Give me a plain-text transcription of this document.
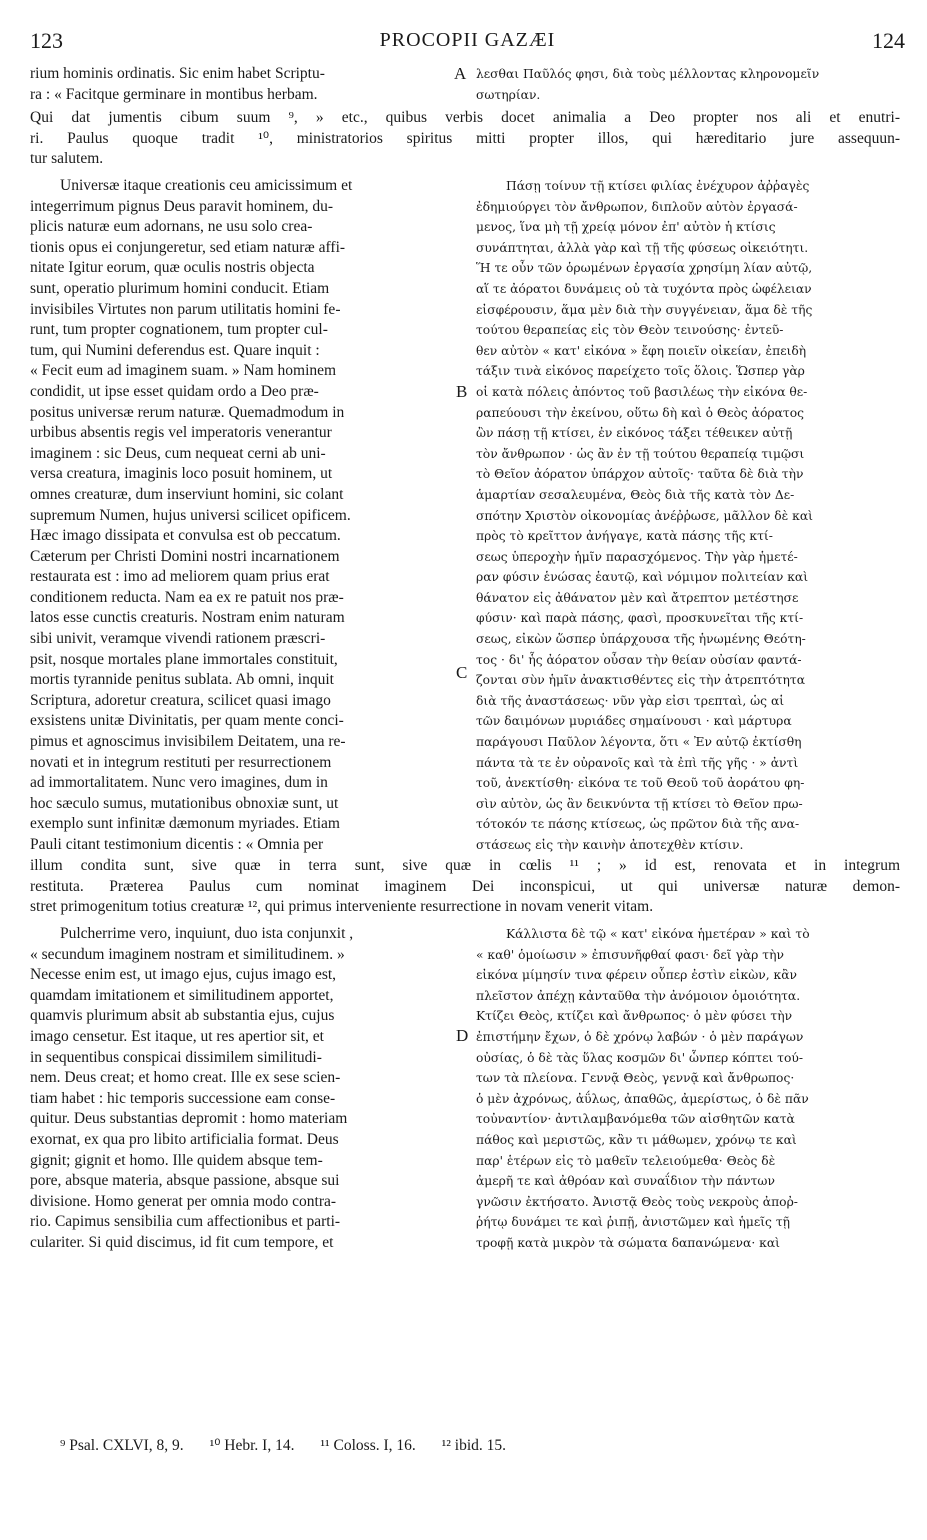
123	PROCOPII GAZÆI	124
rium hominis ordinatis. Sic enim habet Scriptu-
ra : « Facitque germinare in montibus herbam.
λεσθαι Παῦλός φησι, διὰ τοὺς μέλλοντας κληρονομεῖν
σωτηρίαν.
Qui dat jumentis cibum suum ⁹, » etc., quibus verbis docet animalia a Deo propter nos ali et enutri-
ri. Paulus quoque tradit ¹⁰, ministratorios spiritus mitti propter illos, qui hæreditario jure assequun-
tur salutem.
Universæ itaque creationis ceu amicissimum et
integerrimum pignus Deus paravit hominem, du-
plicis naturæ eum adornans, ne usu solo crea-
tionis opus ei conjungeretur, sed etiam naturæ affi-
nitate Igitur eorum, quæ oculis nostris objecta
sunt, operatio plurimum homini conducit. Etiam
invisibiles Virtutes non parum utilitatis homini fe-
runt, tum propter cognationem, tum propter cul-
tum, qui Numini deferendus est. Quare inquit :
« Fecit eum ad imaginem suam. » Nam hominem
condidit, ut ipse esset quidam ordo a Deo præ-
positus universæ rerum naturæ. Quemadmodum in
urbibus absentis regis vel imperatoris venerantur
imaginem : sic Deus, cum nequeat cerni ab uni-
versa creatura, imaginis loco posuit hominem, ut
omnes creaturæ, dum inserviunt homini, sic colant
supremum Numen, hujus universi scilicet opificem.
Hæc imago dissipata et convulsa est ob peccatum.
Cæterum per Christi Domini nostri incarnationem
restaurata est : imo ad meliorem quam prius erat
conditionem reducta. Nam ea ex re patuit nos præ-
latos esse cunctis creaturis. Nostram enim naturam
sibi univit, veramque vivendi rationem præscri-
psit, nosque mortales plane immortales constituit,
mortis tyrannide penitus sublata. Ab omni, inquit
Scriptura, adoretur creatura, scilicet quasi imago
exsistens unitæ Divinitatis, per quam mente conci-
pimus et agnoscimus invisibilem Deitatem, una re-
novati et in integrum restituti per resurrectionem
ad immortalitatem. Nunc vero imagines, dum in
hoc sæculo sumus, mutationibus obnoxiæ sunt, ut
exemplo sunt infinitæ dæmonum myriades. Etiam
Pauli citant testimonium dicentis : « Omnia per
Πάσῃ τοίνυν τῇ κτίσει φιλίας ἐνέχυρον ἀῤῥαγὲς
ἐδημιούργει τὸν ἄνθρωπον, διπλοῦν αὐτὸν ἐργασά-
μενος, ἵνα μὴ τῇ χρείᾳ μόνον ἐπ' αὐτὸν ἡ κτίσις
συνάπτηται, ἀλλὰ γὰρ καὶ τῇ τῆς φύσεως οἰκειότητι.
Ἥ τε οὖν τῶν ὁρωμένων ἐργασία χρησίμη λίαν αὐτῷ,
αἵ τε ἀόρατοι δυνάμεις οὐ τὰ τυχόντα πρὸς ὠφέλειαν
εἰσφέρουσιν, ἅμα μὲν διὰ τὴν συγγένειαν, ἅμα δὲ τῆς
τούτου θεραπείας εἰς τὸν Θεὸν τεινούσης· ἐντεῦ-
θεν αὐτὸν « κατ' εἰκόνα » ἔφη ποιεῖν οἰκείαν, ἐπειδὴ
τάξιν τινὰ εἰκόνος παρείχετο τοῖς ὅλοις. Ὥσπερ γὰρ
οἱ κατὰ πόλεις ἀπόντος τοῦ βασιλέως τὴν εἰκόνα θε-
ραπεύουσι τὴν ἐκείνου, οὕτω δὴ καὶ ὁ Θεὸς ἀόρατος
ὢν πάσῃ τῇ κτίσει, ἐν εἰκόνος τάξει τέθεικεν αὐτῇ
τὸν ἄνθρωπον · ὡς ἂν ἐν τῇ τούτου θεραπείᾳ τιμῷσι
τὸ Θεῖον ἀόρατον ὑπάρχον αὐτοῖς· ταῦτα δὲ διὰ τὴν
ἁμαρτίαν σεσαλευμένα, Θεὸς διὰ τῆς κατὰ τὸν Δε-
σπότην Χριστὸν οἰκονομίας ἀνέῤῥωσε, μᾶλλον δὲ καὶ
πρὸς τὸ κρεῖττον ἀνήγαγε, κατὰ πάσης τῆς κτί-
σεως ὑπεροχὴν ἡμῖν παρασχόμενος. Τὴν γὰρ ἡμετέ-
ραν φύσιν ἑνώσας ἑαυτῷ, καὶ νόμιμον πολιτείαν καὶ
θάνατον εἰς ἀθάνατον μὲν καὶ ἄτρεπτον μετέστησε
φύσιν· καὶ παρὰ πάσης, φασὶ, προσκυνεῖται τῆς κτί-
σεως, εἰκὼν ὥσπερ ὑπάρχουσα τῆς ἡνωμένης Θεότη-
τος · δι' ἧς ἀόρατον οὖσαν τὴν θείαν οὐσίαν φαντά-
ζονται σὺν ἡμῖν ἀνακτισθέντες εἰς τὴν ἀτρεπτότητα
διὰ τῆς ἀναστάσεως· νῦν γὰρ εἰσι τρεπταὶ, ὡς αἱ
τῶν δαιμόνων μυριάδες σημαίνουσι · καὶ μάρτυρα
παράγουσι Παῦλον λέγοντα, ὅτι « Ἐν αὐτῷ ἐκτίσθη
πάντα τὰ τε ἐν οὐρανοῖς καὶ τὰ ἐπὶ τῆς γῆς · » ἀντὶ
τοῦ, ἀνεκτίσθη· εἰκόνα τε τοῦ Θεοῦ τοῦ ἀοράτου φη-
σὶν αὐτὸν, ὡς ἂν δεικνύντα τῇ κτίσει τὸ Θεῖον πρω-
τότοκόν τε πάσης κτίσεως, ὡς πρῶτον διὰ τῆς ανα-
στάσεως εἰς τὴν καινὴν ἀποτεχθὲν κτίσιν.
illum condita sunt, sive quæ in terra sunt, sive quæ in cœlis ¹¹ ; » id est, renovata et in integrum
restituta. Præterea Paulus cum nominat imaginem Dei inconspicui, ut qui universæ naturæ demon-
stret primogenitum totius creaturæ ¹², qui primus interveniente resurrectione in novam venerit vitam.
Pulcherrime vero, inquiunt, duo ista conjunxit ,
« secundum imaginem nostram et similitudinem. »
Necesse enim est, ut imago ejus, cujus imago est,
quamdam imitationem et similitudinem apportet,
quamvis plurimum absit ab substantia ejus, cujus
imago censetur. Est itaque, ut res apertior sit, et
in sequentibus conspicai dissimilem similitudi-
nem. Deus creat; et homo creat. Ille ex sese scien-
tiam habet : hic temporis successione eam conse-
quitur. Deus substantias depromit : homo materiam
exornat, ex qua pro libito artificialia format. Deus
gignit; gignit et homo. Ille quidem absque tem-
pore, absque materia, absque passione, absque sui
divisione. Homo generat per omnia modo contra-
rio. Capimus sensibilia cum affectionibus et parti-
culariter. Si quid discimus, id fit cum tempore, et
Κάλλιστα δὲ τῷ « κατ' εἰκόνα ἡμετέραν » καὶ τὸ
« καθ' ὁμοίωσιν » ἐπισυνῆφθαί φασι· δεῖ γὰρ τὴν
εἰκόνα μίμησίν τινα φέρειν οὗπερ ἐστὶν εἰκὼν, κἂν
πλεῖστον ἀπέχῃ κἀνταῦθα τὴν ἀνόμοιον ὁμοιότητα.
Κτίζει Θεὸς, κτίζει καὶ ἄνθρωπος· ὁ μὲν φύσει τὴν
ἐπιστήμην ἔχων, ὁ δὲ χρόνῳ λαβών · ὁ μὲν παράγων
οὐσίας, ὁ δὲ τὰς ὕλας κοσμῶν δι' ὧνπερ κόπτει τού-
των τὰ πλείονα. Γεννᾷ Θεὸς, γεννᾷ καὶ ἄνθρωπος·
ὁ μὲν ἀχρόνως, ἀΰλως, ἀπαθῶς, ἀμερίστως, ὁ δὲ πᾶν
τοὐναντίον· ἀντιλαμβανόμεθα τῶν αἰσθητῶν κατὰ
πάθος καὶ μεριστῶς, κἂν τι μάθωμεν, χρόνῳ τε καὶ
παρ' ἑτέρων εἰς τὸ μαθεῖν τελειούμεθα· Θεὸς δὲ
ἀμερῆ τε καὶ ἀθρόαν καὶ συναΐδιον τὴν πάντων
γνῶσιν ἐκτήσατο. Ἀνιστᾷ Θεὸς τοὺς νεκροὺς ἀποῤ-
ῥήτῳ δυνάμει τε καὶ ῥιπῇ, ἀνιστῶμεν καὶ ἡμεῖς τῇ
τροφῇ κατὰ μικρὸν τὰ σώματα δαπανώμενα· καὶ
A
B
C
D
⁹ Psal. CXLVI, 8, 9. ¹⁰ Hebr. I, 14. ¹¹ Coloss. I, 16. ¹² ibid. 15.
